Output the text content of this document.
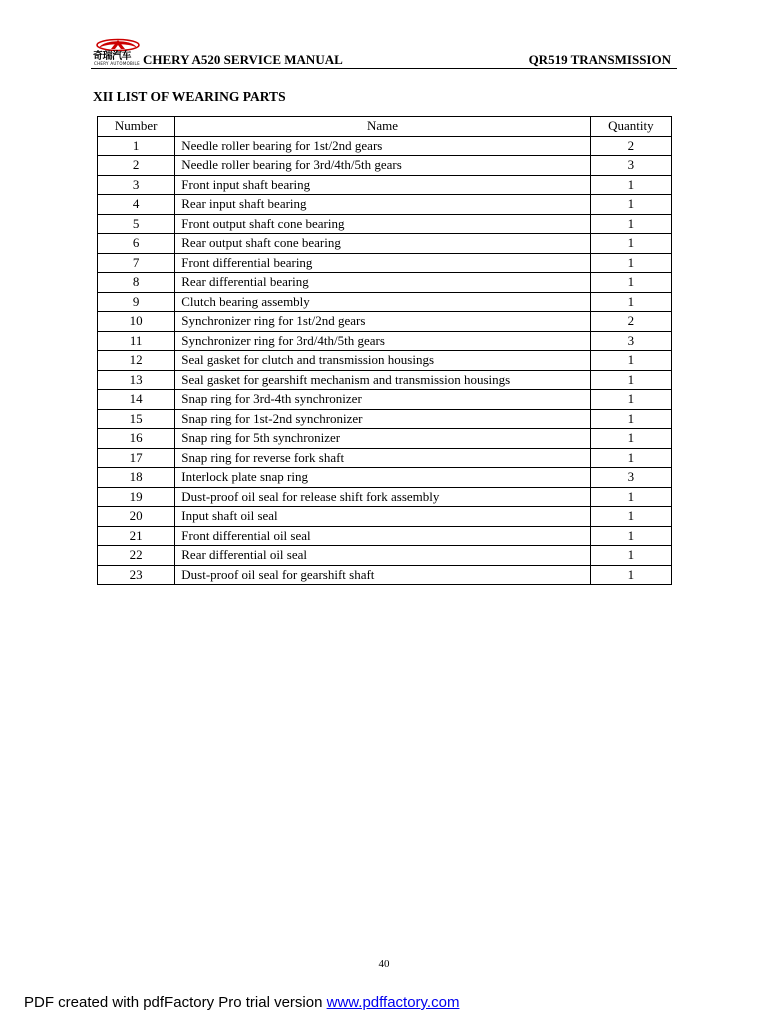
奇瑞汽车
CHERY AUTOMOBILE CHERY A520 SERVICE MANUAL	QR519 TRANSMISSION
XII LIST OF WEARING PARTS
Number	Name	Quantity
1	Needle roller bearing for 1st/2nd gears	2
2	Needle roller bearing for 3rd/4th/5th gears	3
3	Front input shaft bearing	1
4	Rear input shaft bearing	1
5	Front output shaft cone bearing	1
6	Rear output shaft cone bearing	1
7	Front differential bearing	1
8	Rear differential bearing	1
9	Clutch bearing assembly	1
10	Synchronizer ring for 1st/2nd gears	2
11	Synchronizer ring for 3rd/4th/5th gears	3
12	Seal gasket for clutch and transmission housings	1
13	Seal gasket for gearshift mechanism and transmission housings	1
14	Snap ring for 3rd-4th synchronizer	1
15	Snap ring for 1st-2nd synchronizer	1
16	Snap ring for 5th synchronizer	1
17	Snap ring for reverse fork shaft	1
18	Interlock plate snap ring	3
19	Dust-proof oil seal for release shift fork assembly	1
20	Input shaft oil seal	1
21	Front differential oil seal	1
22	Rear differential oil seal	1
23	Dust-proof oil seal for gearshift shaft	1
40
PDF created with pdfFactory Pro trial version www.pdffactory.com
